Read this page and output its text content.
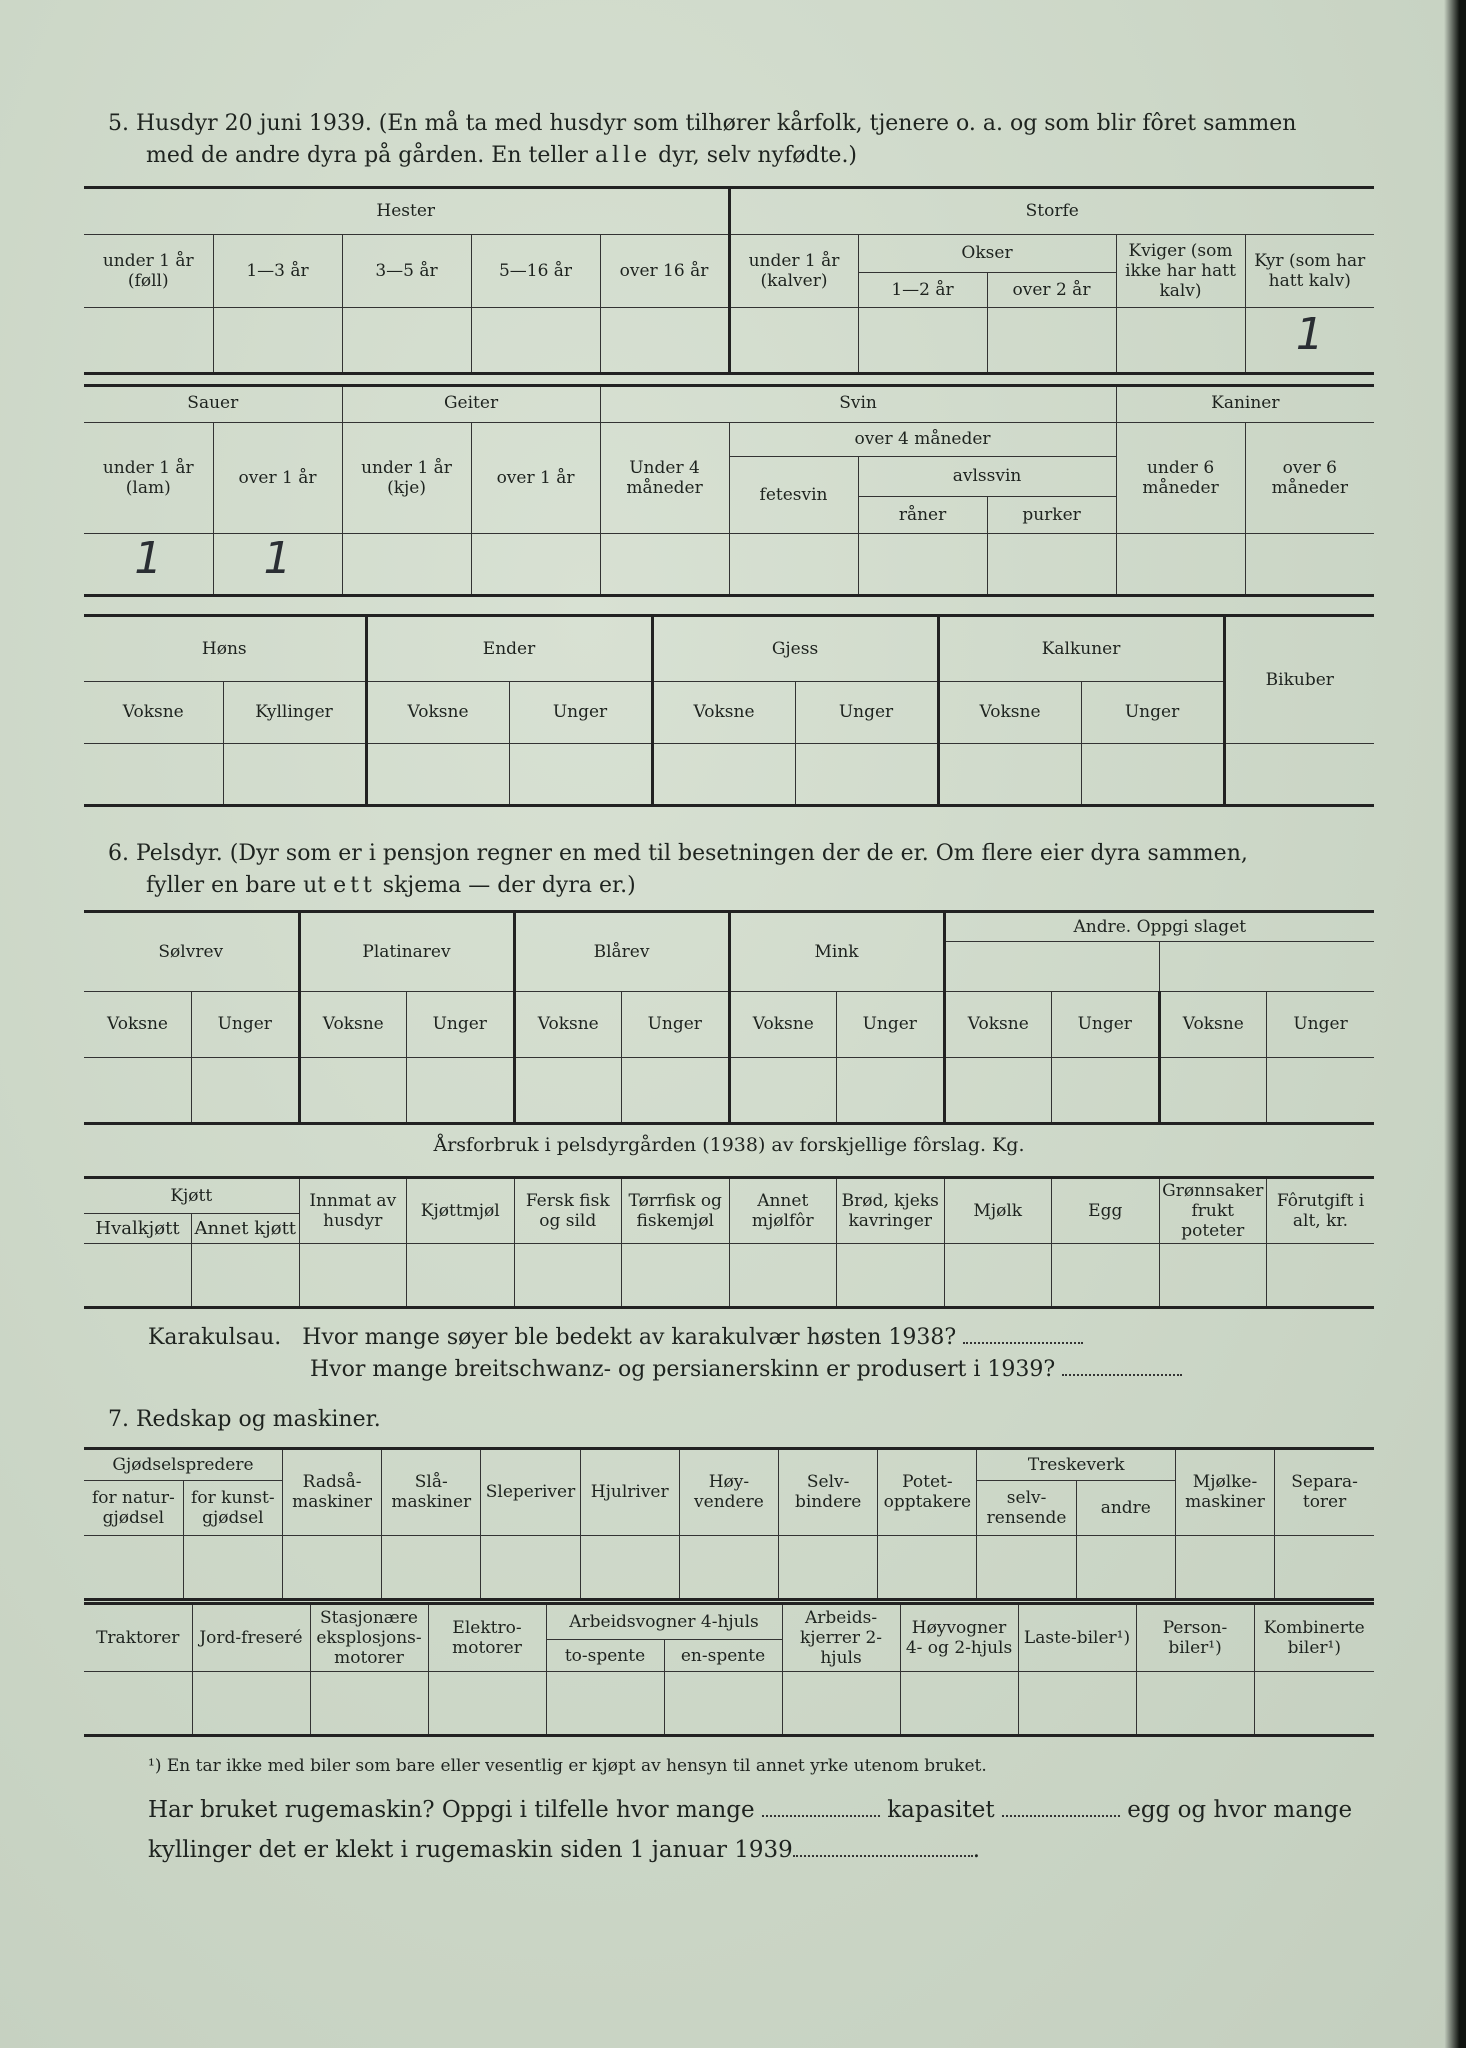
5. Husdyr 20 juni 1939. (En må ta med husdyr som tilhører kårfolk, tjenere o. a. og som blir fôret sammen
med de andre dyra på gården. En teller alle dyr, selv nyfødte.)
Hester					Storfe				
under 1 år (føll)	1—3 år	3—5 år	5—16 år	over 16 år	under 1 år (kalver)	Okser		Kviger (som ikke har hatt kalv)	Kyr (som har hatt kalv)
						1—2 år	over 2 år		
									1
Sauer		Geiter		Svin				Kaniner	
under 1 år (lam)	over 1 år	under 1 år (kje)	over 1 år	Under 4 måneder	over 4 måneder			under 6 måneder	over 6 måneder
					fetesvin	avlssvin			
						råner	purker		
1	1								
Høns		Ender		Gjess		Kalkuner		Bikuber
Voksne	Kyllinger	Voksne	Unger	Voksne	Unger	Voksne	Unger	

6. Pelsdyr. (Dyr som er i pensjon regner en med til besetningen der de er. Om flere eier dyra sammen,
fyller en bare ut ett skjema — der dyra er.)
Sølvrev		Platinarev		Blårev		Mink		Andre. Oppgi slaget			

Voksne	Unger	Voksne	Unger	Voksne	Unger	Voksne	Unger	Voksne	Unger	Voksne	Unger

Årsforbruk i pelsdyrgården (1938) av forskjellige fôrslag. Kg.
Kjøtt		Innmat av husdyr	Kjøttmjøl	Fersk fisk og sild	Tørrfisk og fiskemjøl	Annet mjølfôr	Brød, kjeks kavringer	Mjølk	Egg	Grønnsaker frukt poteter	Fôrutgift i alt, kr.
Hvalkjøtt	Annet kjøtt										

Karakulsau. Hvor mange søyer ble bedekt av karakulvær høsten 1938?
Hvor mange breitschwanz- og persianerskinn er produsert i 1939?
7. Redskap og maskiner.
Gjødselspredere		Radså-maskiner	Slå-maskiner	Sleperiver	Hjulriver	Høy-vendere	Selv-bindere	Potet-opptakere	Treskeverk		Mjølke-maskiner	Separa-torer
for natur-gjødsel	for kunst-gjødsel								selv-rensende	andre		

Traktorer	Jord-freseré	Stasjonære eksplosjons-motorer	Elektro-motorer	Arbeidsvogner 4-hjuls		Arbeids-kjerrer 2-hjuls	Høyvogner 4- og 2-hjuls	Laste-biler¹)	Person-biler¹)	Kombinerte biler¹)
				to-spente	en-spente					

¹) En tar ikke med biler som bare eller vesentlig er kjøpt av hensyn til annet yrke utenom bruket.
Har bruket rugemaskin? Oppgi i tilfelle hvor mange	kapasitet	egg og hvor mange
kyllinger det er klekt i rugemaskin siden 1 januar 1939	.
